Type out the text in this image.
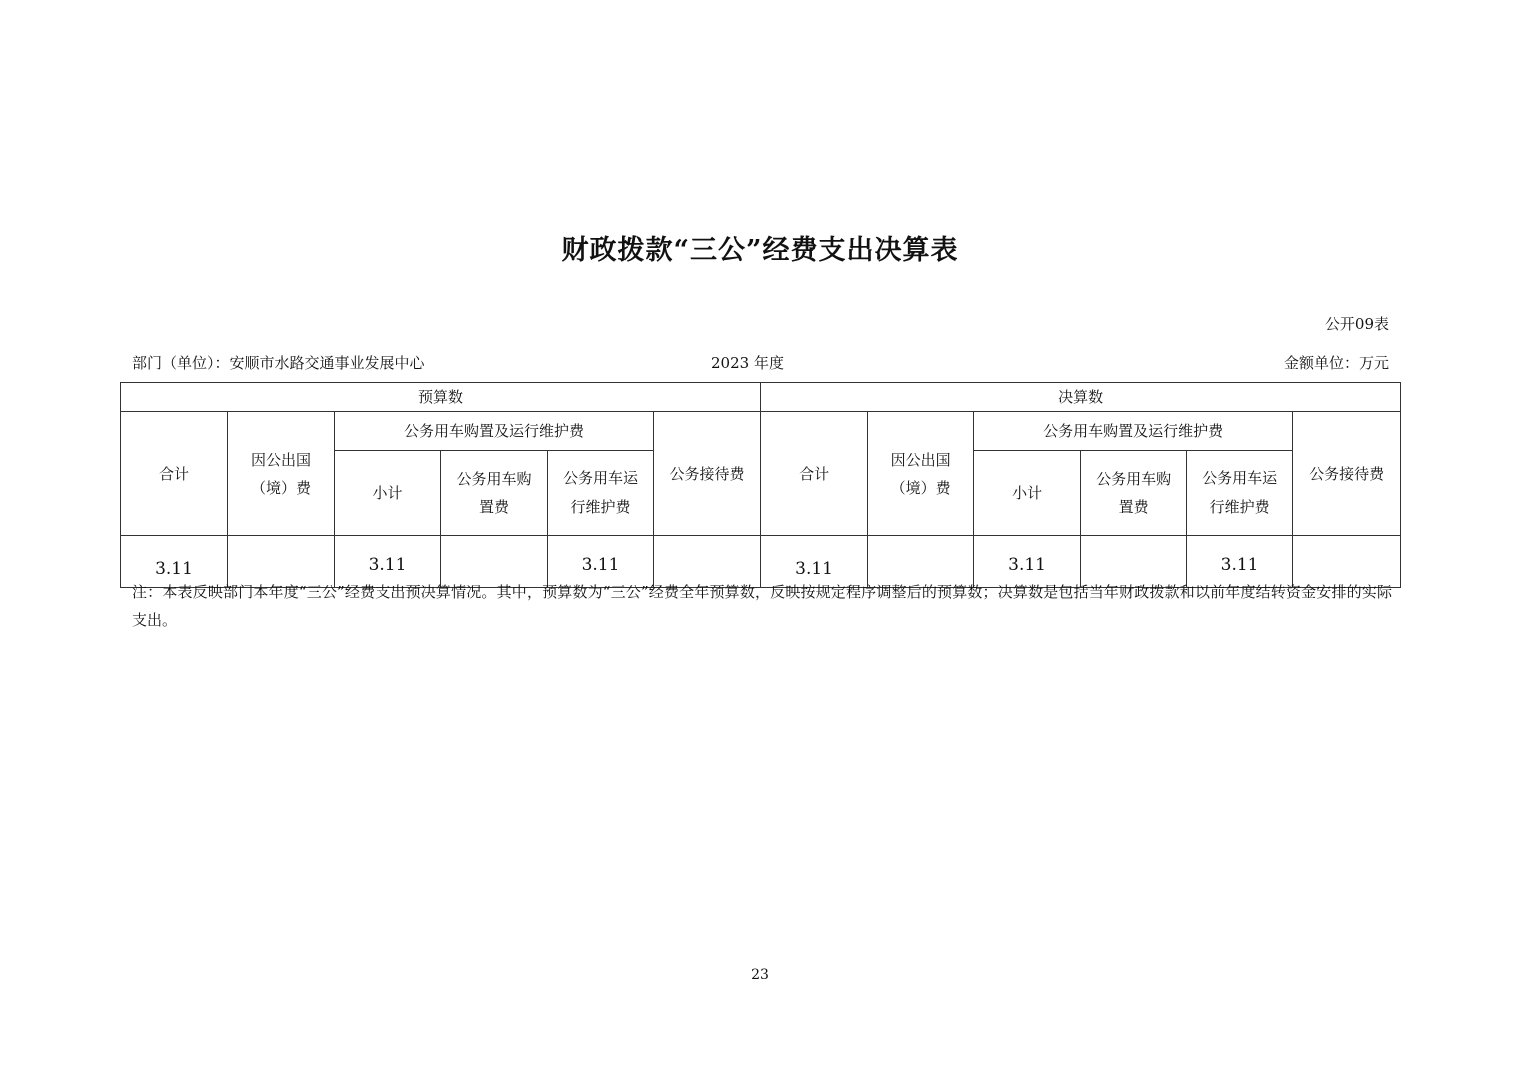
财政拨款“三公”经费支出决算表
公开09表
部门（单位）：安顺市水路交通事业发展中心	2023 年度	金额单位：万元
预算数						决算数					
合计	因公出国（境）费	公务用车购置及运行维护费			公务接待费	合计	因公出国（境）费	公务用车购置及运行维护费			公务接待费
		小计	公务用车购置费	公务用车运行维护费				小计	公务用车购置费	公务用车运行维护费	
3.11		3.11		3.11		3.11		3.11		3.11	
注：本表反映部门本年度“三公”经费支出预决算情况。其中，预算数为“三公”经费全年预算数，反映按规定程序调整后的预算数；决算数是包括当年财政拨款和以前年度结转资金安排的实际支出。
23
